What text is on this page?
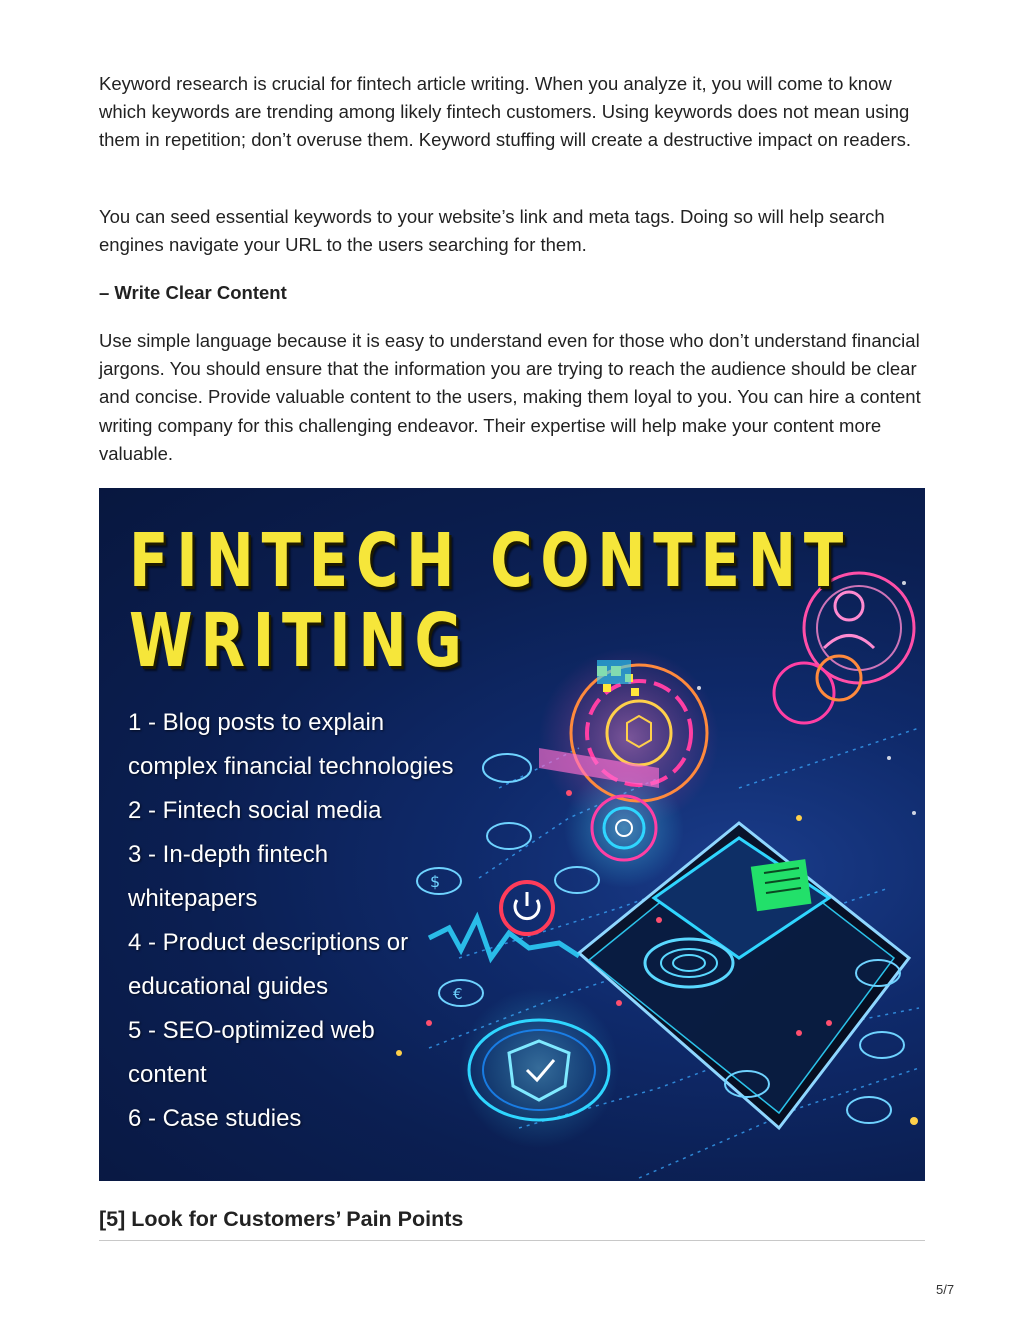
Keyword research is crucial for fintech article writing. When you analyze it, you will come to know which keywords are trending among likely fintech customers. Using keywords does not mean using them in repetition; don’t overuse them. Keyword stuffing will create a destructive impact on readers.

You can seed essential keywords to your website’s link and meta tags. Doing so will help search engines navigate your URL to the users searching for them.

– Write Clear Content

Use simple language because it is easy to understand even for those who don’t understand financial jargons. You should ensure that the information you are trying to reach the audience should be clear and concise. Provide valuable content to the users, making them loyal to you. You can hire a content writing company for this challenging endeavor. Their expertise will help make your content more valuable.

$
€
FINTECH CONTENT
WRITING
1 - Blog posts to explain
complex financial technologies
2 - Fintech social media
3 - In-depth fintech
whitepapers
4 - Product descriptions or
educational guides
5 - SEO-optimized web
content
6 - Case studies
[5] Look for Customers’ Pain Points
5/7
